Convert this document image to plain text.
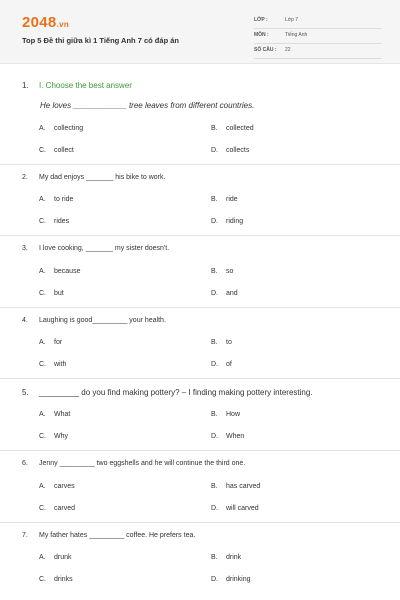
2048.vn
Top 5 Đề thi giữa kì 1 Tiếng Anh 7 có đáp án
LỚP :	Lớp 7
MÔN :	Tiếng Anh
SỐ CÂU : 22
1. I. Choose the best answer
He loves ____________ tree leaves from different countries.
A. collecting	B. collected
C. collect	D. collects
2. My dad enjoys _______ his bike to work.
A. to ride	B. ride
C. rides	D. riding
3. I love cooking, _______ my sister doesn't.
A. because	B. so
C. but	D. and
4. Laughing is good_________ your health.
A. for	B. to
C. with	D. of
5. _________ do you find making pottery? – I finding making pottery interesting.
A. What	B. How
C. Why	D. When
6. Jenny _________ two eggshells and he will continue the third one.
A. carves	B. has carved
C. carved	D. will carved
7. My father hates _________ coffee. He prefers tea.
A. drunk	B. drink
C. drinks	D. drinking
